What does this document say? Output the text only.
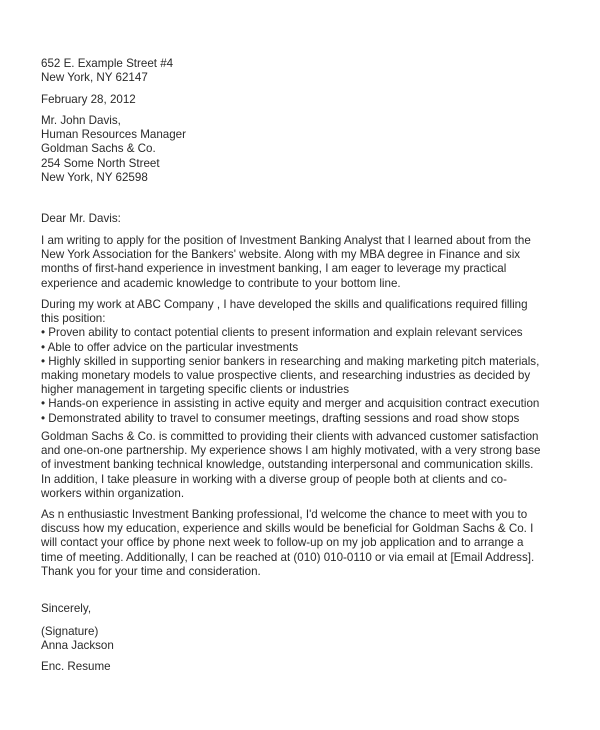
652 E. Example Street #4
New York, NY 62147
February 28, 2012
Mr. John Davis,
Human Resources Manager
Goldman Sachs & Co.
254 Some North Street
New York, NY 62598
Dear Mr. Davis:
I am writing to apply for the position of Investment Banking Analyst that I learned about from the
New York Association for the Bankers' website. Along with my MBA degree in Finance and six
months of first-hand experience in investment banking, I am eager to leverage my practical
experience and academic knowledge to contribute to your bottom line.
During my work at ABC Company , I have developed the skills and qualifications required filling
this position:
• Proven ability to contact potential clients to present information and explain relevant services
• Able to offer advice on the particular investments
• Highly skilled in supporting senior bankers in researching and making marketing pitch materials,
making monetary models to value prospective clients, and researching industries as decided by
higher management in targeting specific clients or industries
• Hands-on experience in assisting in active equity and merger and acquisition contract execution
• Demonstrated ability to travel to consumer meetings, drafting sessions and road show stops
Goldman Sachs & Co. is committed to providing their clients with advanced customer satisfaction
and one-on-one partnership. My experience shows I am highly motivated, with a very strong base
of investment banking technical knowledge, outstanding interpersonal and communication skills.
In addition, I take pleasure in working with a diverse group of people both at clients and co-
workers within organization.
As n enthusiastic Investment Banking professional, I'd welcome the chance to meet with you to
discuss how my education, experience and skills would be beneficial for Goldman Sachs & Co. I
will contact your office by phone next week to follow-up on my job application and to arrange a
time of meeting. Additionally, I can be reached at (010) 010-0110 or via email at [Email Address].
Thank you for your time and consideration.
Sincerely,
(Signature)
Anna Jackson
Enc. Resume
